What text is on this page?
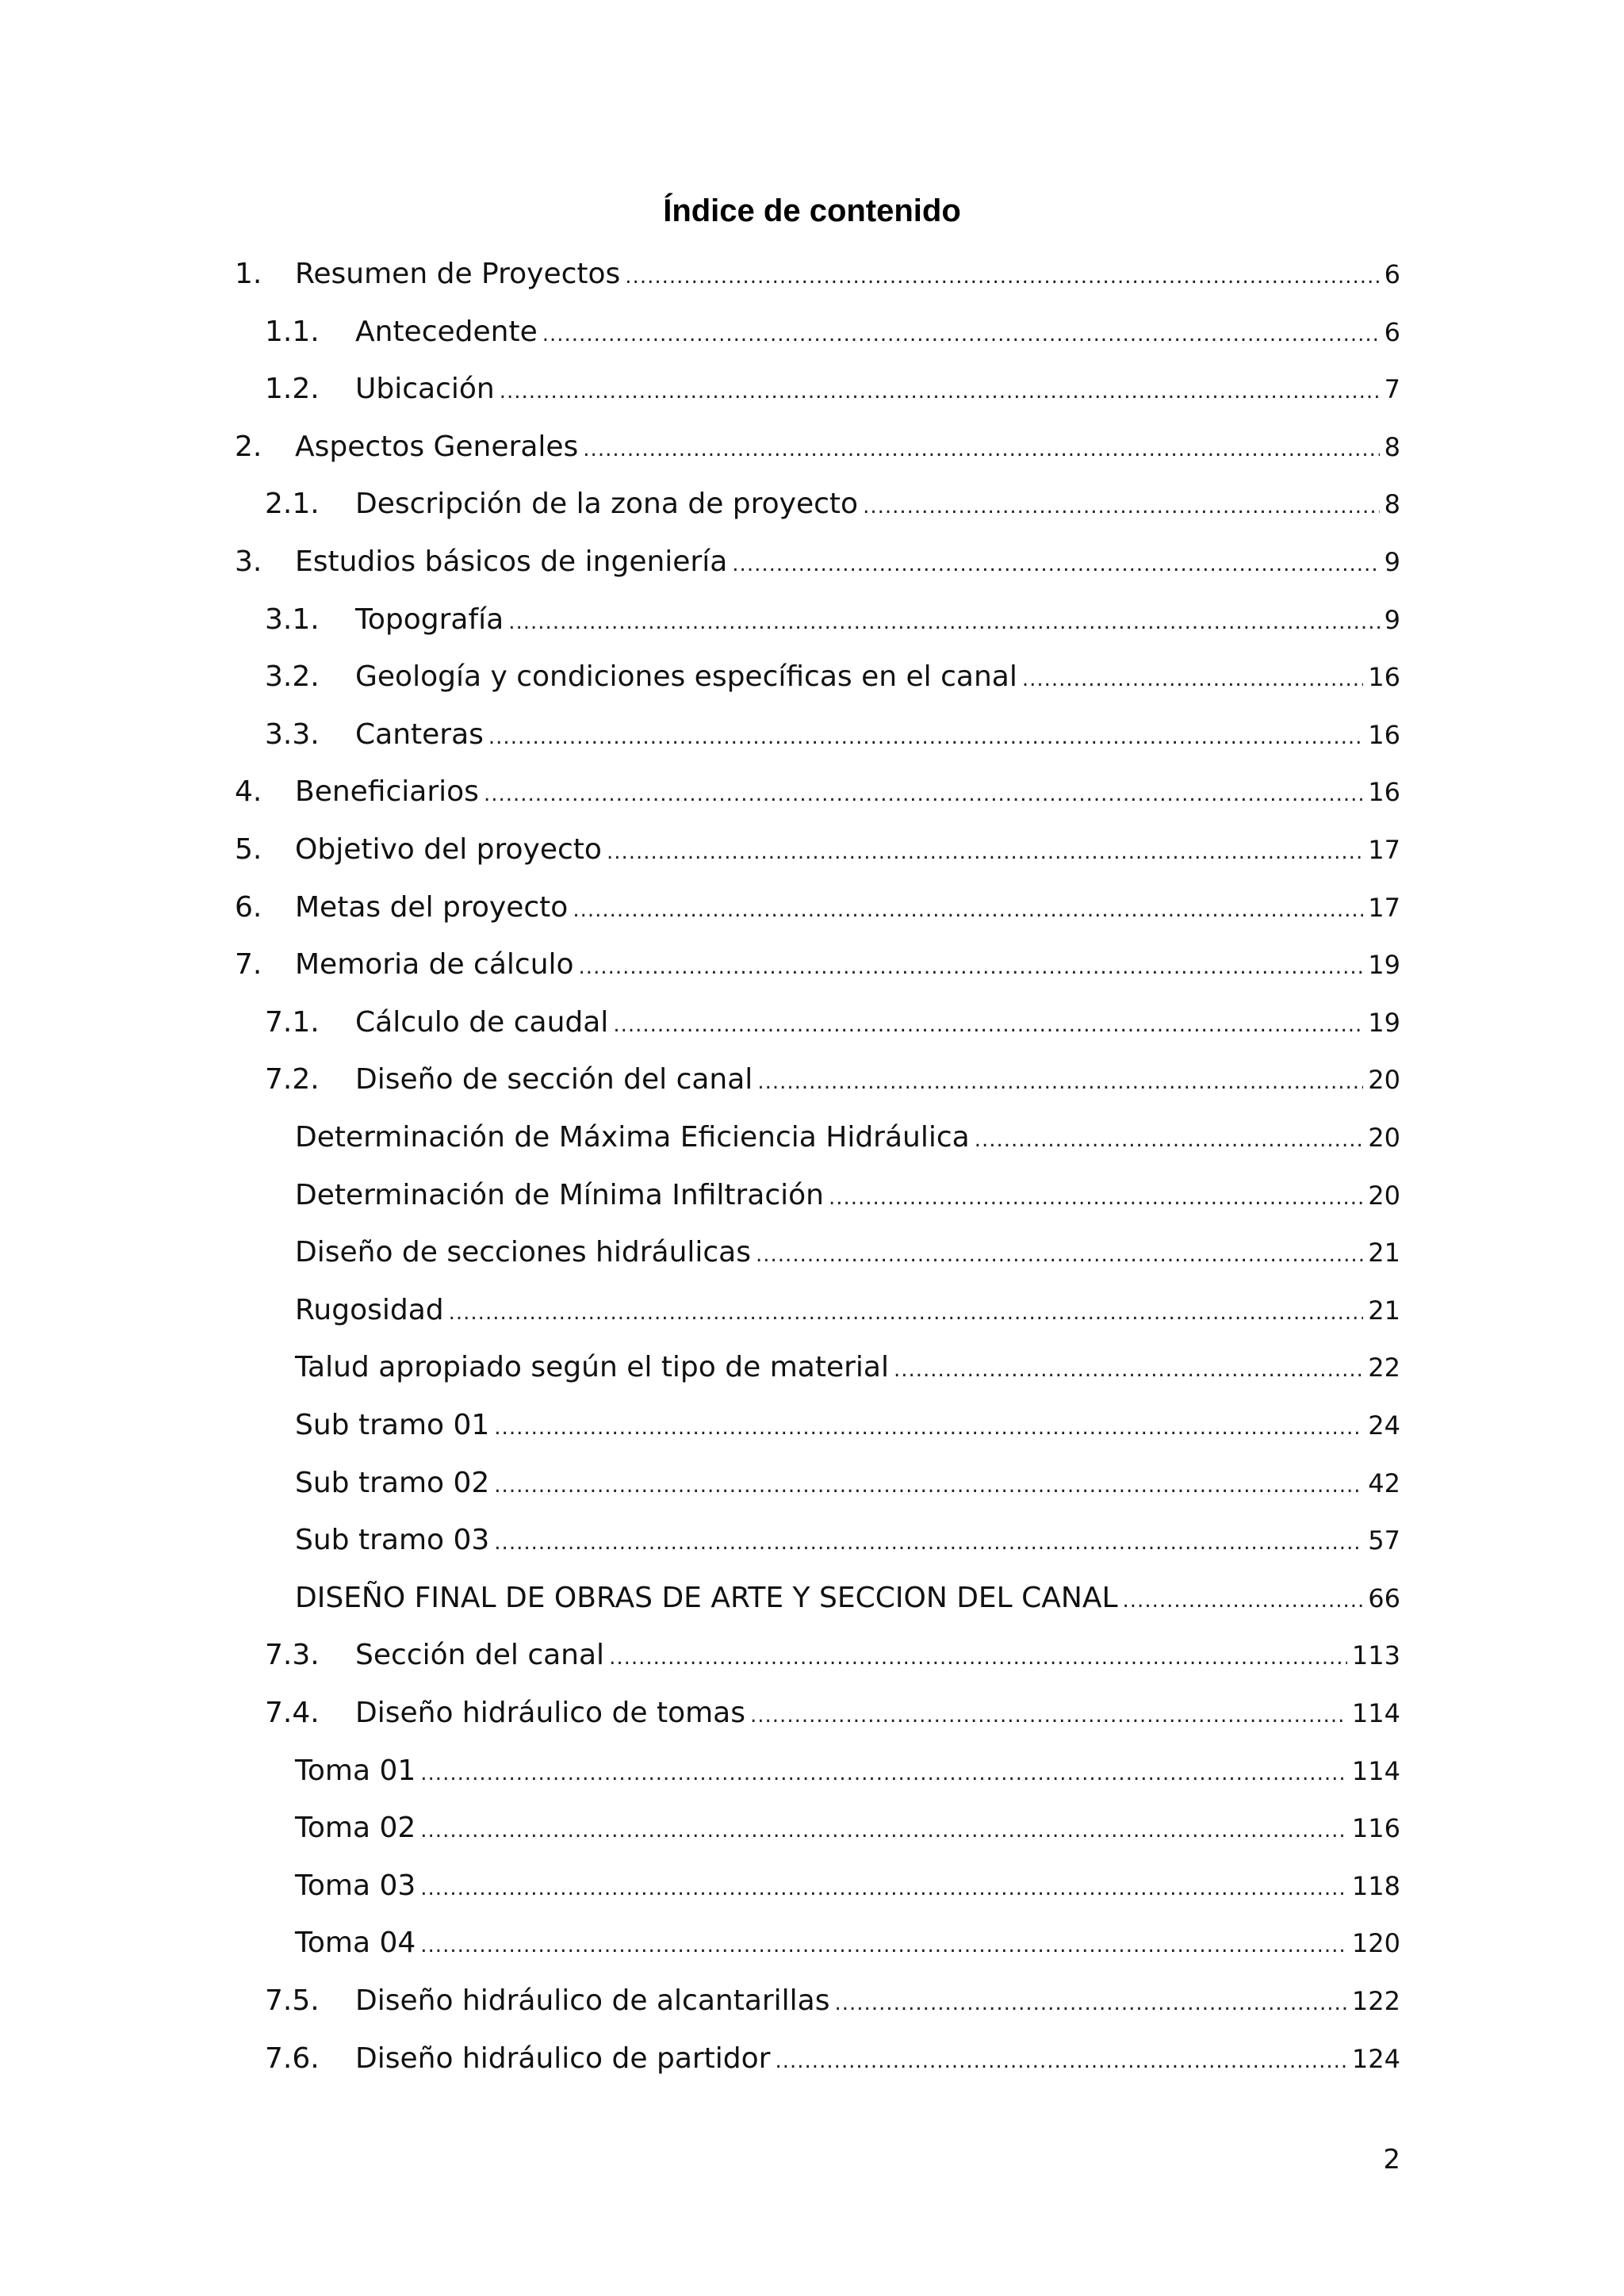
Índice de contenido
1. Resumen de Proyectos .....	6
1.1. Antecedente .....	6
1.2. Ubicación .....	7
2. Aspectos Generales .....	8
2.1. Descripción de la zona de proyecto .....	8
3. Estudios básicos de ingeniería .....	9
3.1. Topografía .....	9
3.2. Geología y condiciones específicas en el canal .....	16
3.3. Canteras .....	16
4. Beneficiarios .....	16
5. Objetivo del proyecto .....	17
6. Metas del proyecto .....	17
7. Memoria de cálculo .....	19
7.1. Cálculo de caudal .....	19
7.2. Diseño de sección del canal .....	20
Determinación de Máxima Eficiencia Hidráulica .....	20
Determinación de Mínima Infiltración .....	20
Diseño de secciones hidráulicas .....	21
Rugosidad .....	21
Talud apropiado según el tipo de material .....	22
Sub tramo 01 .....	24
Sub tramo 02 .....	42
Sub tramo 03 .....	57
DISEÑO FINAL DE OBRAS DE ARTE Y SECCION DEL CANAL .....	66
7.3. Sección del canal .....	113
7.4. Diseño hidráulico de tomas .....	114
Toma 01 .....	114
Toma 02 .....	116
Toma 03 .....	118
Toma 04 .....	120
7.5. Diseño hidráulico de alcantarillas .....	122
7.6. Diseño hidráulico de partidor .....	124
2
